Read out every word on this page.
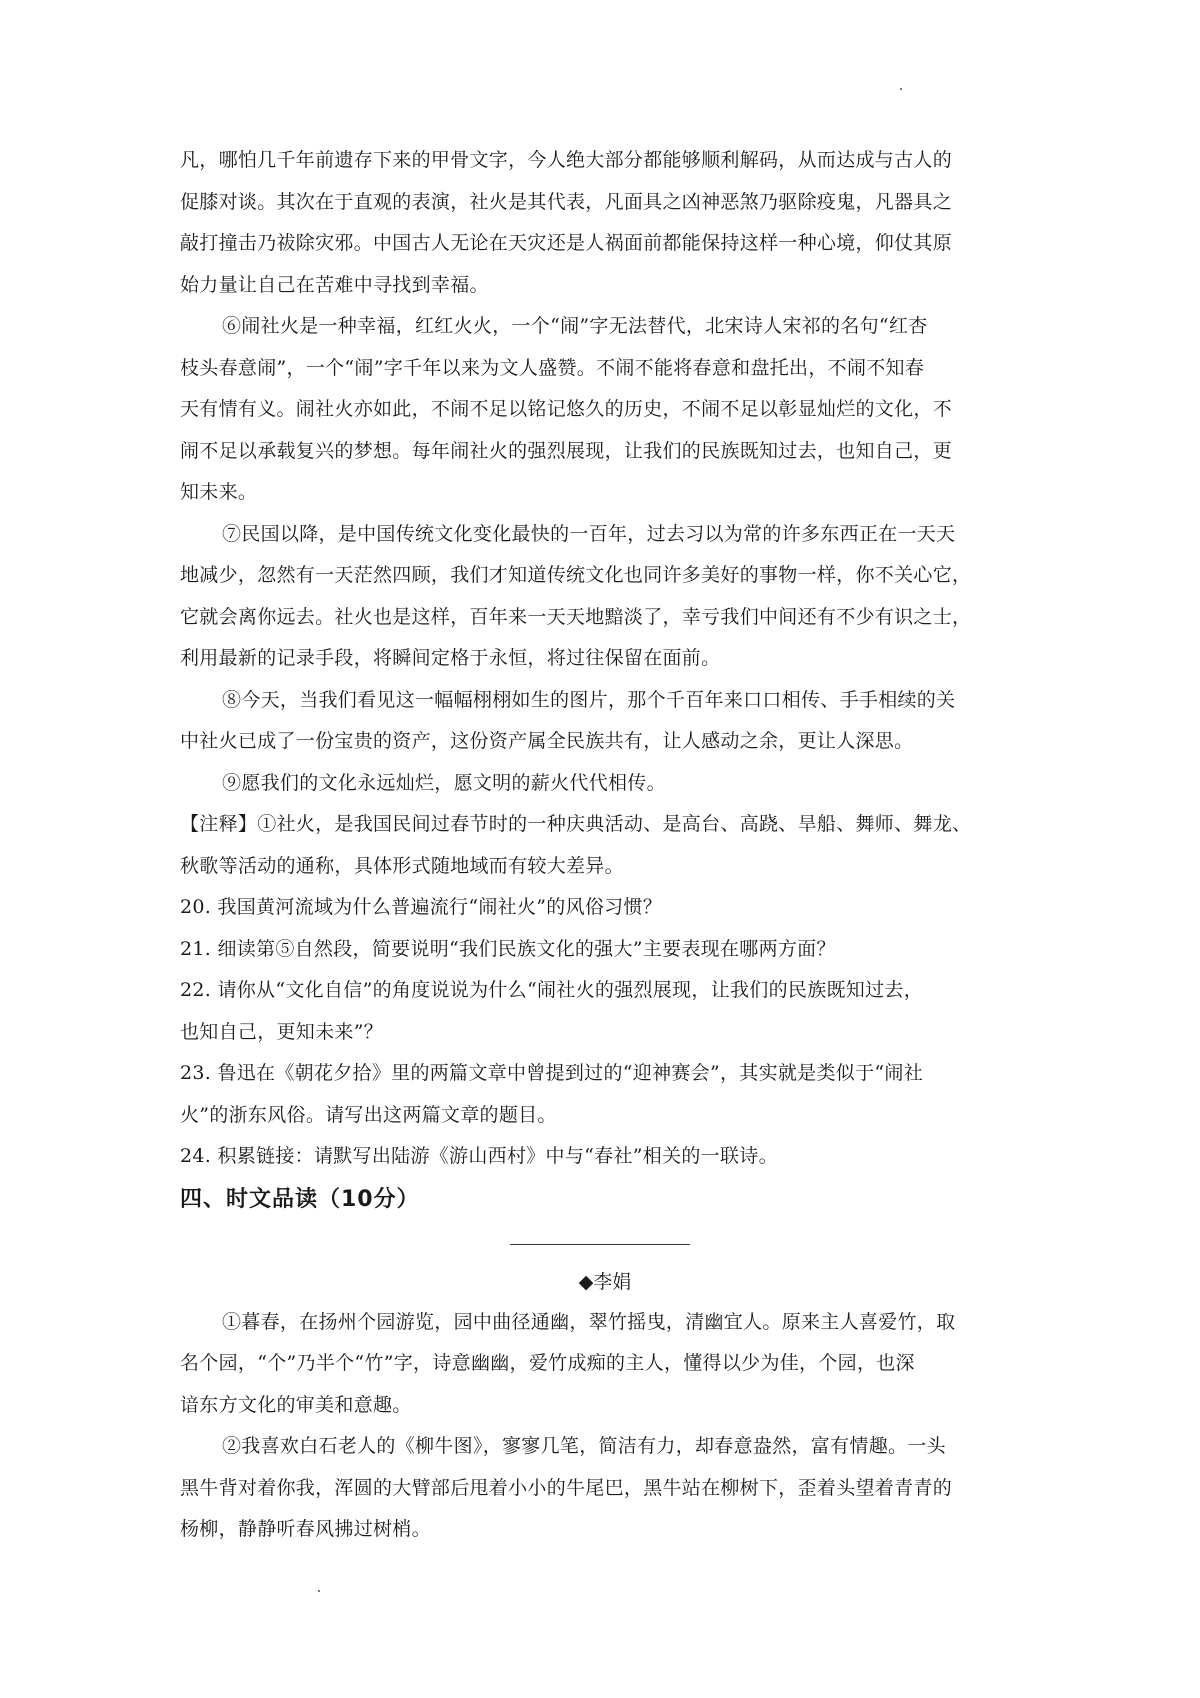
凡，哪怕几千年前遗存下来的甲骨文字，今人绝大部分都能够顺利解码，从而达成与古人的
促膝对谈。其次在于直观的表演，社火是其代表，凡面具之凶神恶煞乃驱除疫鬼，凡器具之
敲打撞击乃祓除灾邪。中国古人无论在天灾还是人祸面前都能保持这样一种心境，仰仗其原
始力量让自己在苦难中寻找到幸福。
⑥闹社火是一种幸福，红红火火，一个“闹”字无法替代，北宋诗人宋祁的名句“红杏
枝头春意闹”，一个“闹”字千年以来为文人盛赞。不闹不能将春意和盘托出，不闹不知春
天有情有义。闹社火亦如此，不闹不足以铭记悠久的历史，不闹不足以彰显灿烂的文化，不
闹不足以承载复兴的梦想。每年闹社火的强烈展现，让我们的民族既知过去，也知自己，更
知未来。
⑦民国以降，是中国传统文化变化最快的一百年，过去习以为常的许多东西正在一天天
地减少，忽然有一天茫然四顾，我们才知道传统文化也同许多美好的事物一样，你不关心它，
它就会离你远去。社火也是这样，百年来一天天地黯淡了，幸亏我们中间还有不少有识之士，
利用最新的记录手段，将瞬间定格于永恒，将过往保留在面前。
⑧今天，当我们看见这一幅幅栩栩如生的图片，那个千百年来口口相传、手手相续的关
中社火已成了一份宝贵的资产，这份资产属全民族共有，让人感动之余，更让人深思。
⑨愿我们的文化永远灿烂，愿文明的薪火代代相传。
【注释】①社火，是我国民间过春节时的一种庆典活动、是高台、高跷、旱船、舞师、舞龙、
秋歌等活动的通称，具体形式随地域而有较大差异。
20. 我国黄河流域为什么普遍流行“闹社火”的风俗习惯？
21. 细读第⑤自然段，简要说明“我们民族文化的强大”主要表现在哪两方面？
22. 请你从“文化自信”的角度说说为什么“闹社火的强烈展现，让我们的民族既知过去，
也知自己，更知未来”？
23. 鲁迅在《朝花夕拾》里的两篇文章中曾提到过的“迎神赛会”，其实就是类似于“闹社
火”的浙东风俗。请写出这两篇文章的题目。
24. 积累链接：请默写出陆游《游山西村》中与“春社”相关的一联诗。
四、时文品读（10分）
◆李娟
①暮春，在扬州个园游览，园中曲径通幽，翠竹摇曳，清幽宜人。原来主人喜爱竹，取
名个园，“个”乃半个“竹”字，诗意幽幽，爱竹成痴的主人，懂得以少为佳，个园，也深
谙东方文化的审美和意趣。
②我喜欢白石老人的《柳牛图》，寥寥几笔，简洁有力，却春意盎然，富有情趣。一头
黑牛背对着你我，浑圆的大臂部后甩着小小的牛尾巴，黑牛站在柳树下，歪着头望着青青的
杨柳，静静听春风拂过树梢。
